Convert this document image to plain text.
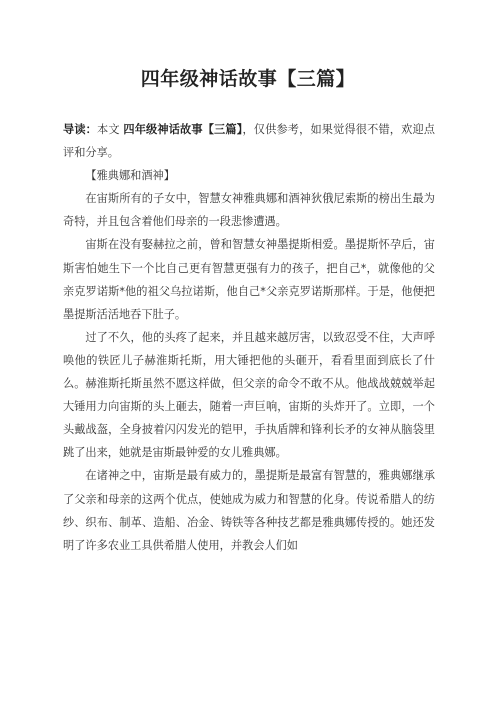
四年级神话故事【三篇】

导读：本文 四年级神话故事【三篇】，仅供参考，如果觉得很不错，欢迎点评和分享。

【雅典娜和酒神】

在宙斯所有的子女中，智慧女神雅典娜和酒神狄俄尼索斯的榜出生最为奇特，并且包含着他们母亲的一段悲惨遭遇。

宙斯在没有娶赫拉之前，曾和智慧女神墨提斯相爱。墨提斯怀孕后，宙斯害怕她生下一个比自己更有智慧更强有力的孩子，把自己*，就像他的父亲克罗诺斯*他的祖父乌拉诺斯，他自己*父亲克罗诺斯那样。于是，他便把墨提斯活活地吞下肚子。

过了不久，他的头疼了起来，并且越来越厉害，以致忍受不住，大声呼唤他的铁匠儿子赫淮斯托斯，用大锤把他的头砸开，看看里面到底长了什么。赫淮斯托斯虽然不愿这样做，但父亲的命令不敢不从。他战战兢兢举起大锤用力向宙斯的头上砸去，随着一声巨响，宙斯的头炸开了。立即，一个头戴战盔，全身披着闪闪发光的铠甲，手执盾牌和锋利长矛的女神从脑袋里跳了出来，她就是宙斯最钟爱的女儿雅典娜。

在诸神之中，宙斯是最有威力的，墨提斯是最富有智慧的，雅典娜继承了父亲和母亲的这两个优点，使她成为威力和智慧的化身。传说希腊人的纺纱、织布、制革、造船、冶金、铸铁等各种技艺都是雅典娜传授的。她还发明了许多农业工具供希腊人使用，并教会人们如
